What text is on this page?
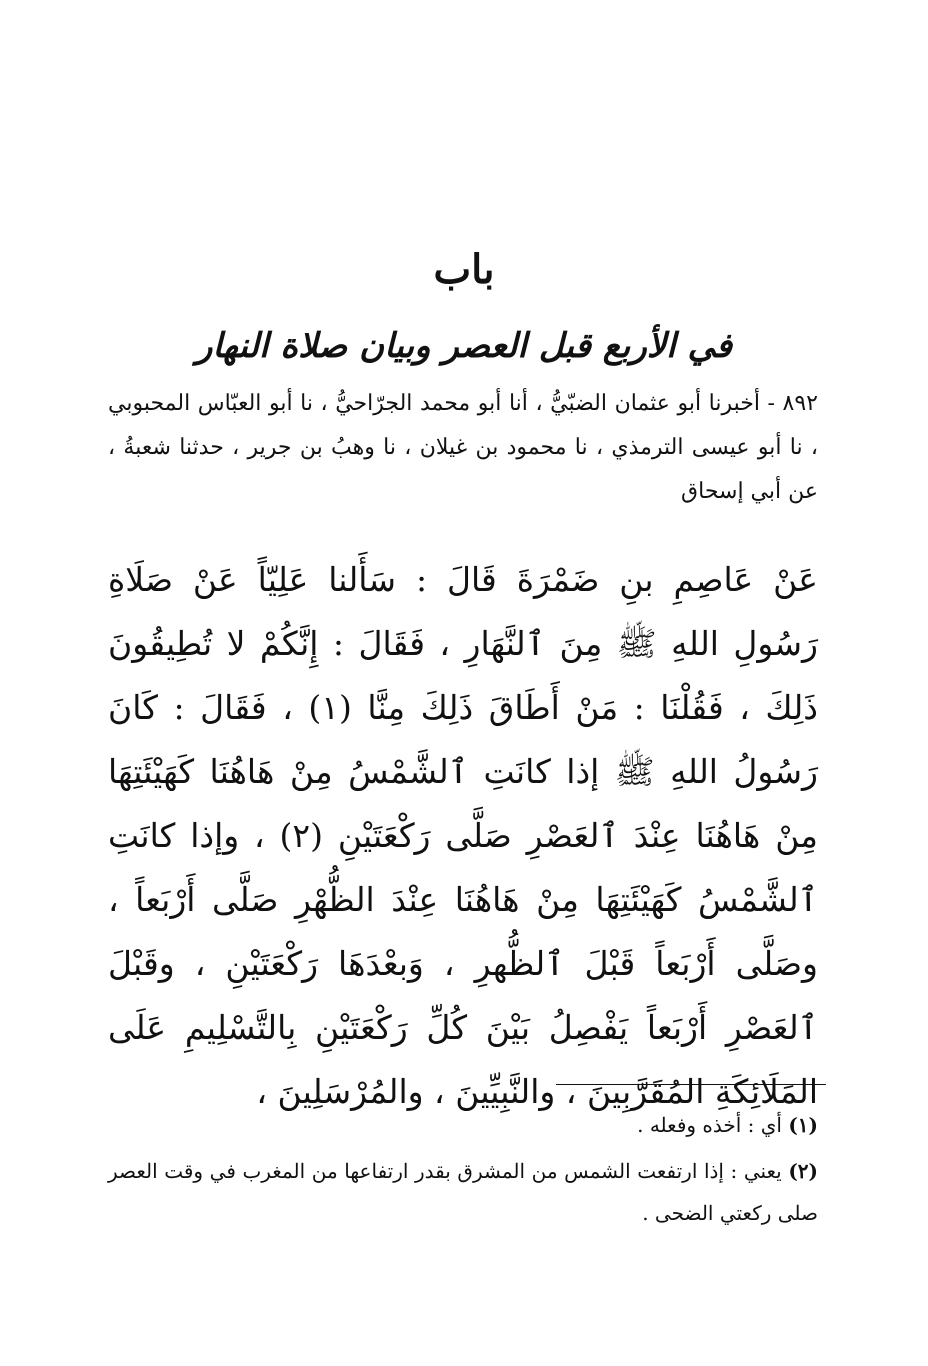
باب
في الأربع قبل العصر وبيان صلاة النهار

٨٩٢ - أخبرنا أبو عثمان الضبّيُّ ، أنا أبو محمد الجرّاحيُّ ، نا أبو العبّاس المحبوبي ، نا أبو عيسى الترمذي ، نا محمود بن غيلان ، نا وهبُ بن جرير ، حدثنا شعبةُ ، عن أبي إسحاق

عَنْ عَاصِمِ بنِ ضَمْرَةَ قَالَ : سَأَلنا عَلِيّاً عَنْ صَلَاةِ رَسُولِ اللهِ ﷺ مِنَ ٱلنَّهَارِ ، فَقَالَ : إِنَّكُمْ لا تُطِيقُونَ ذَلِكَ ، فَقُلْنَا : مَنْ أَطَاقَ ذَلِكَ مِنَّا (١) ، فَقَالَ : كَانَ رَسُولُ اللهِ ﷺ إذا كانَتِ ٱلشَّمْسُ مِنْ هَاهُنَا كَهَيْئَتِهَا مِنْ هَاهُنَا عِنْدَ ٱلعَصْرِ صَلَّى رَكْعَتَيْنِ (٢) ، وإذا كانَتِ ٱلشَّمْسُ كَهَيْئَتِهَا مِنْ هَاهُنَا عِنْدَ الظُّهْرِ صَلَّى أَرْبَعاً ، وصَلَّى أَرْبَعاً قَبْلَ ٱلظُّهرِ ، وَبعْدَهَا رَكْعَتَيْنِ ، وقَبْلَ ٱلعَصْرِ أَرْبَعاً يَفْصِلُ بَيْنَ كُلِّ رَكْعَتَيْنِ بِالتَّسْلِيمِ عَلَى المَلَائِكَةِ المُقَرَّبِينَ ، والنَّبِيِّينَ ، والمُرْسَلِينَ ،

(١) أي : أخذه وفعله .

(٢) يعني : إذا ارتفعت الشمس من المشرق بقدر ارتفاعها من المغرب في وقت العصر صلى ركعتي الضحى .
